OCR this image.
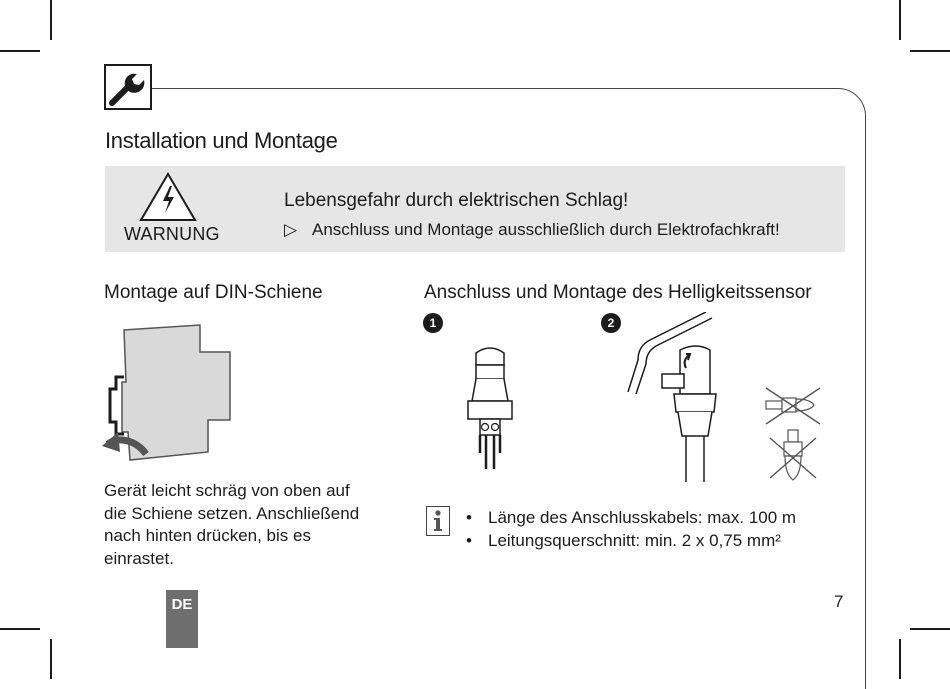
Installation und Montage
WARNUNG
Lebensgefahr durch elektrischen Schlag!
▷ Anschluss und Montage ausschließlich durch Elektrofachkraft!
Montage auf DIN-Schiene
Gerät leicht schräg von oben auf die Schiene setzen. Anschließend nach hinten drücken, bis es einrastet.
Anschluss und Montage des Helligkeitssensor
1	2
• Länge des Anschlusskabels: max. 100 m
• Leitungsquerschnitt: min. 2 x 0,75 mm²
DE	7
